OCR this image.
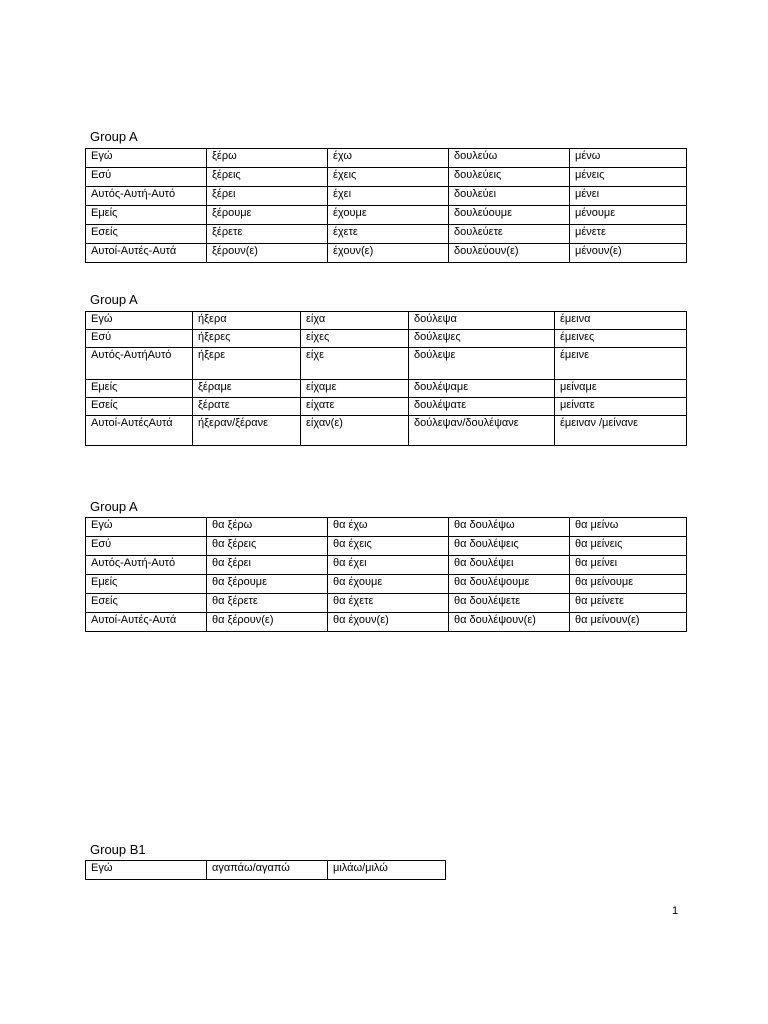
Group A
Εγώ	ξέρω	έχω	δουλεύω	μένω
Εσύ	ξέρεις	έχεις	δουλεύεις	μένεις
Αυτός-Αυτή-Αυτό	ξέρει	έχει	δουλεύει	μένει
Εμείς	ξέρουμε	έχουμε	δουλεύουμε	μένουμε
Εσείς	ξέρετε	έχετε	δουλεύετε	μένετε
Αυτοί-Αυτές-Αυτά	ξέρουν(ε)	έχουν(ε)	δουλεύουν(ε)	μένουν(ε)
Group A
Εγώ	ήξερα	είχα	δούλεψα	έμεινα
Εσύ	ήξερες	είχες	δούλεψες	έμεινες
Αυτός-ΑυτήΑυτό	ήξερε	είχε	δούλεψε	έμεινε
Εμείς	ξέραμε	είχαμε	δουλέψαμε	μείναμε
Εσείς	ξέρατε	είχατε	δουλέψατε	μείνατε
Αυτοί-ΑυτέςΑυτά	ήξεραν/ξέρανε	είχαν(ε)	δούλεψαν/δουλέψανε	έμειναν /μείνανε
Group A
Εγώ	θα ξέρω	θα έχω	θα δουλέψω	θα μείνω
Εσύ	θα ξέρεις	θα έχεις	θα δουλέψεις	θα μείνεις
Αυτός-Αυτή-Αυτό	θα ξέρει	θα έχει	θα δουλέψει	θα μείνει
Εμείς	θα ξέρουμε	θα έχουμε	θα δουλέψουμε	θα μείνουμε
Εσείς	θα ξέρετε	θα έχετε	θα δουλέψετε	θα μείνετε
Αυτοί-Αυτές-Αυτά	θα ξέρουν(ε)	θα έχουν(ε)	θα δουλέψουν(ε)	θα μείνουν(ε)
Group B1
Εγώ	αγαπάω/αγαπώ	μιλάω/μιλώ
1
